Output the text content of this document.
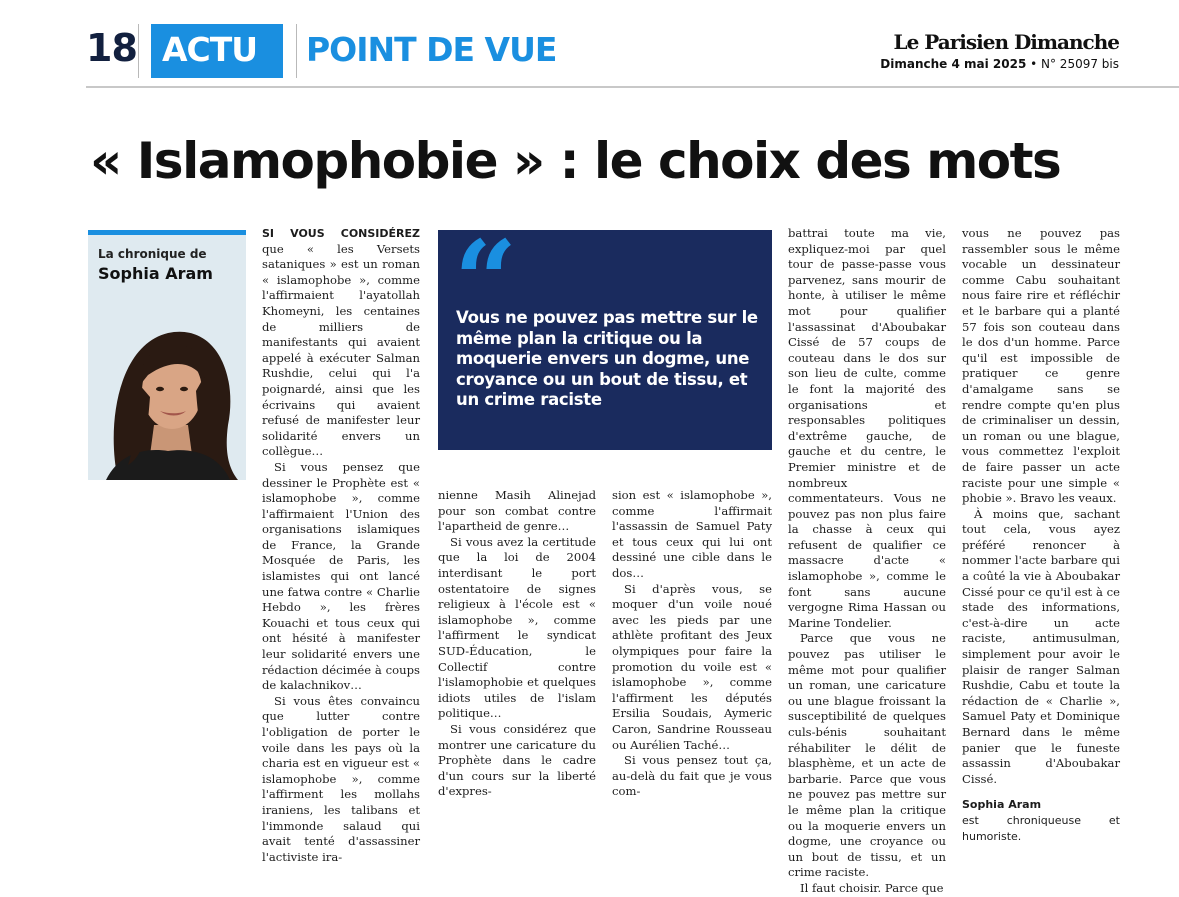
18 ACTU POINT DE VUE	Le Parisien Dimanche
Dimanche 4 mai 2025 • N° 25097 bis
« Islamophobie » : le choix des mots
La chronique de
Sophia Aram

SI VOUS CONSIDÉREZ que « les Versets sataniques » est un roman « islamophobe », comme l'affirmaient l'ayatollah Khomeyni, les centaines de milliers de manifestants qui avaient appelé à exécuter Salman Rushdie, celui qui l'a poignardé, ainsi que les écrivains qui avaient refusé de manifester leur solidarité envers un collègue…

Si vous pensez que dessiner le Prophète est « islamophobe », comme l'affirmaient l'Union des organisations islamiques de France, la Grande Mosquée de Paris, les islamistes qui ont lancé une fatwa contre « Charlie Hebdo », les frères Kouachi et tous ceux qui ont hésité à manifester leur solidarité envers une rédaction décimée à coups de kalachnikov…

Si vous êtes convaincu que lutter contre l'obligation de porter le voile dans les pays où la charia est en vigueur est « islamophobe », comme l'affirment les mollahs iraniens, les talibans et l'immonde salaud qui avait tenté d'assassiner l'activiste ira-

“
Vous ne pouvez pas mettre sur le même plan la critique ou la moquerie envers un dogme, une croyance ou un bout de tissu, et un crime raciste

nienne Masih Alinejad pour son combat contre l'apartheid de genre…

Si vous avez la certitude que la loi de 2004 interdisant le port ostentatoire de signes religieux à l'école est « islamophobe », comme l'affirment le syndicat SUD-Éducation, le Collectif contre l'islamophobie et quelques idiots utiles de l'islam politique…

Si vous considérez que montrer une caricature du Prophète dans le cadre d'un cours sur la liberté d'expres-

sion est « islamophobe », comme l'affirmait l'assassin de Samuel Paty et tous ceux qui lui ont dessiné une cible dans le dos…

Si d'après vous, se moquer d'un voile noué avec les pieds par une athlète profitant des Jeux olympiques pour faire la promotion du voile est « islamophobe », comme l'affirment les députés Ersilia Soudais, Aymeric Caron, Sandrine Rousseau ou Aurélien Taché…

Si vous pensez tout ça, au-delà du fait que je vous com-

battrai toute ma vie, expliquez-moi par quel tour de passe-passe vous parvenez, sans mourir de honte, à utiliser le même mot pour qualifier l'assassinat d'Aboubakar Cissé de 57 coups de couteau dans le dos sur son lieu de culte, comme le font la majorité des organisations et responsables politiques d'extrême gauche, de gauche et du centre, le Premier ministre et de nombreux commentateurs. Vous ne pouvez pas non plus faire la chasse à ceux qui refusent de qualifier ce massacre d'acte « islamophobe », comme le font sans aucune vergogne Rima Hassan ou Marine Tondelier.

Parce que vous ne pouvez pas utiliser le même mot pour qualifier un roman, une caricature ou une blague froissant la susceptibilité de quelques culs-bénis souhaitant réhabiliter le délit de blasphème, et un acte de barbarie. Parce que vous ne pouvez pas mettre sur le même plan la critique ou la moquerie envers un dogme, une croyance ou un bout de tissu, et un crime raciste.

Il faut choisir. Parce que

vous ne pouvez pas rassembler sous le même vocable un dessinateur comme Cabu souhaitant nous faire rire et réfléchir et le barbare qui a planté 57 fois son couteau dans le dos d'un homme. Parce qu'il est impossible de pratiquer ce genre d'amalgame sans se rendre compte qu'en plus de criminaliser un dessin, un roman ou une blague, vous commettez l'exploit de faire passer un acte raciste pour une simple « phobie ». Bravo les veaux.

À moins que, sachant tout cela, vous ayez préféré renoncer à nommer l'acte barbare qui a coûté la vie à Aboubakar Cissé pour ce qu'il est à ce stade des informations, c'est-à-dire un acte raciste, antimusulman, simplement pour avoir le plaisir de ranger Salman Rushdie, Cabu et toute la rédaction de « Charlie », Samuel Paty et Dominique Bernard dans le même panier que le funeste assassin d'Aboubakar Cissé.

Sophia Aram
est chroniqueuse et humoriste.
